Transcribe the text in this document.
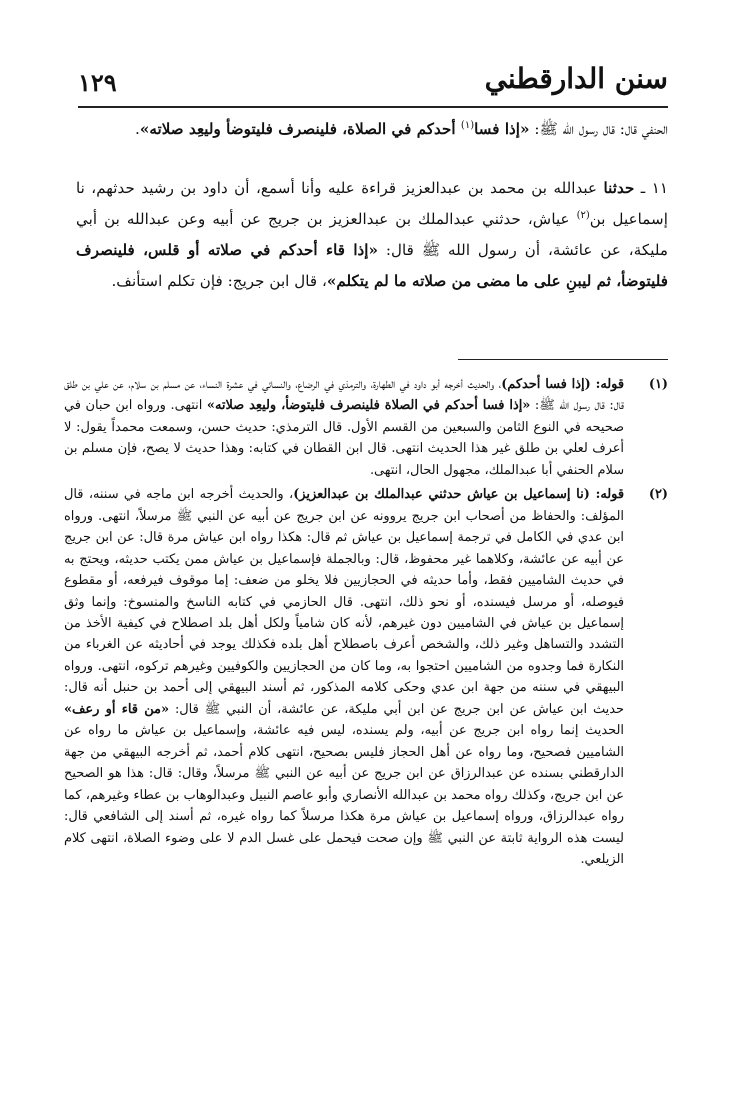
سنن الدارقطني
١٢٩

الحنفي قال: قال رسول الله ﷺ: «إذا فسا$^{(١)}$ أحدكم في الصلاة، فلينصرف فليتوضأ وليعِد صلاته».

١١ ـ حدثنا عبدالله بن محمد بن عبدالعزيز قراءة عليه وأنا أسمع، أن داود بن رشيد حدثهم، نا إسماعيل بن$^{(٢)}$ عياش، حدثني عبدالملك بن عبدالعزيز بن جريج عن أبيه وعن عبدالله بن أبي مليكة، عن عائشة، أن رسول الله ﷺ قال: «إذا قاء أحدكم في صلاته أو قلس، فلينصرف فليتوضأ، ثم ليبنِ على ما مضى من صلاته ما لم يتكلم»، قال ابن جريج: فإن تكلم استأنف.

(١)
قوله: (إذا فسا أحدكم)، والحديث أخرجه أبو داود في الطهارة، والترمذي في الرضاع، والنسائي في عشرة النساء، عن مسلم بن سلام، عن علي بن طلق قال: قال رسول الله ﷺ: «إذا فسا أحدكم في الصلاة فلينصرف فليتوضأ، وليعِد صلاته» انتهى. ورواه ابن حبان في صحيحه في النوع الثامن والسبعين من القسم الأول. قال الترمذي: حديث حسن، وسمعت محمداً يقول: لا أعرف لعلي بن طلق غير هذا الحديث انتهى. قال ابن القطان في كتابه: وهذا حديث لا يصح، فإن مسلم بن سلام الحنفي أبا عبدالملك، مجهول الحال، انتهى.

(٢)
قوله: (نا إسماعيل بن عياش حدثني عبدالملك بن عبدالعزيز)، والحديث أخرجه ابن ماجه في سننه، قال المؤلف: والحفاظ من أصحاب ابن جريج يروونه عن ابن جريج عن أبيه عن النبي ﷺ مرسلاً، انتهى. ورواه ابن عدي في الكامل في ترجمة إسماعيل بن عياش ثم قال: هكذا رواه ابن عياش مرة قال: عن ابن جريج عن أبيه عن عائشة، وكلاهما غير محفوظ، قال: وبالجملة فإسماعيل بن عياش ممن يكتب حديثه، ويحتج به في حديث الشاميين فقط، وأما حديثه في الحجازيين فلا يخلو من ضعف: إما موقوف فيرفعه، أو مقطوع فيوصله، أو مرسل فيسنده، أو نحو ذلك، انتهى. قال الحازمي في كتابه الناسخ والمنسوخ: وإنما وثق إسماعيل بن عياش في الشاميين دون غيرهم، لأنه كان شامياً ولكل أهل بلد اصطلاح في كيفية الأخذ من التشدد والتساهل وغير ذلك، والشخص أعرف باصطلاح أهل بلده فكذلك يوجد في أحاديثه عن الغرباء من النكارة فما وجدوه من الشاميين احتجوا به، وما كان من الحجازيين والكوفيين وغيرهم تركوه، انتهى. ورواه البيهقي في سننه من جهة ابن عدي وحكى كلامه المذكور، ثم أسند البيهقي إلى أحمد بن حنبل أنه قال: حديث ابن عياش عن ابن جريج عن ابن أبي مليكة، عن عائشة، أن النبي ﷺ قال: «من قاء أو رعف» الحديث إنما رواه ابن جريج عن أبيه، ولم يسنده، ليس فيه عائشة، وإسماعيل بن عياش ما رواه عن الشاميين فصحيح، وما رواه عن أهل الحجاز فليس بصحيح، انتهى كلام أحمد، ثم أخرجه البيهقي من جهة الدارقطني بسنده عن عبدالرزاق عن ابن جريج عن أبيه عن النبي ﷺ مرسلاً، وقال: قال: هذا هو الصحيح عن ابن جريج، وكذلك رواه محمد بن عبدالله الأنصاري وأبو عاصم النبيل وعبدالوهاب بن عطاء وغيرهم، كما رواه عبدالرزاق، ورواه إسماعيل بن عياش مرة هكذا مرسلاً كما رواه غيره، ثم أسند إلى الشافعي قال: ليست هذه الرواية ثابتة عن النبي ﷺ وإن صحت فيحمل على غسل الدم لا على وضوء الصلاة، انتهى كلام الزيلعي.
